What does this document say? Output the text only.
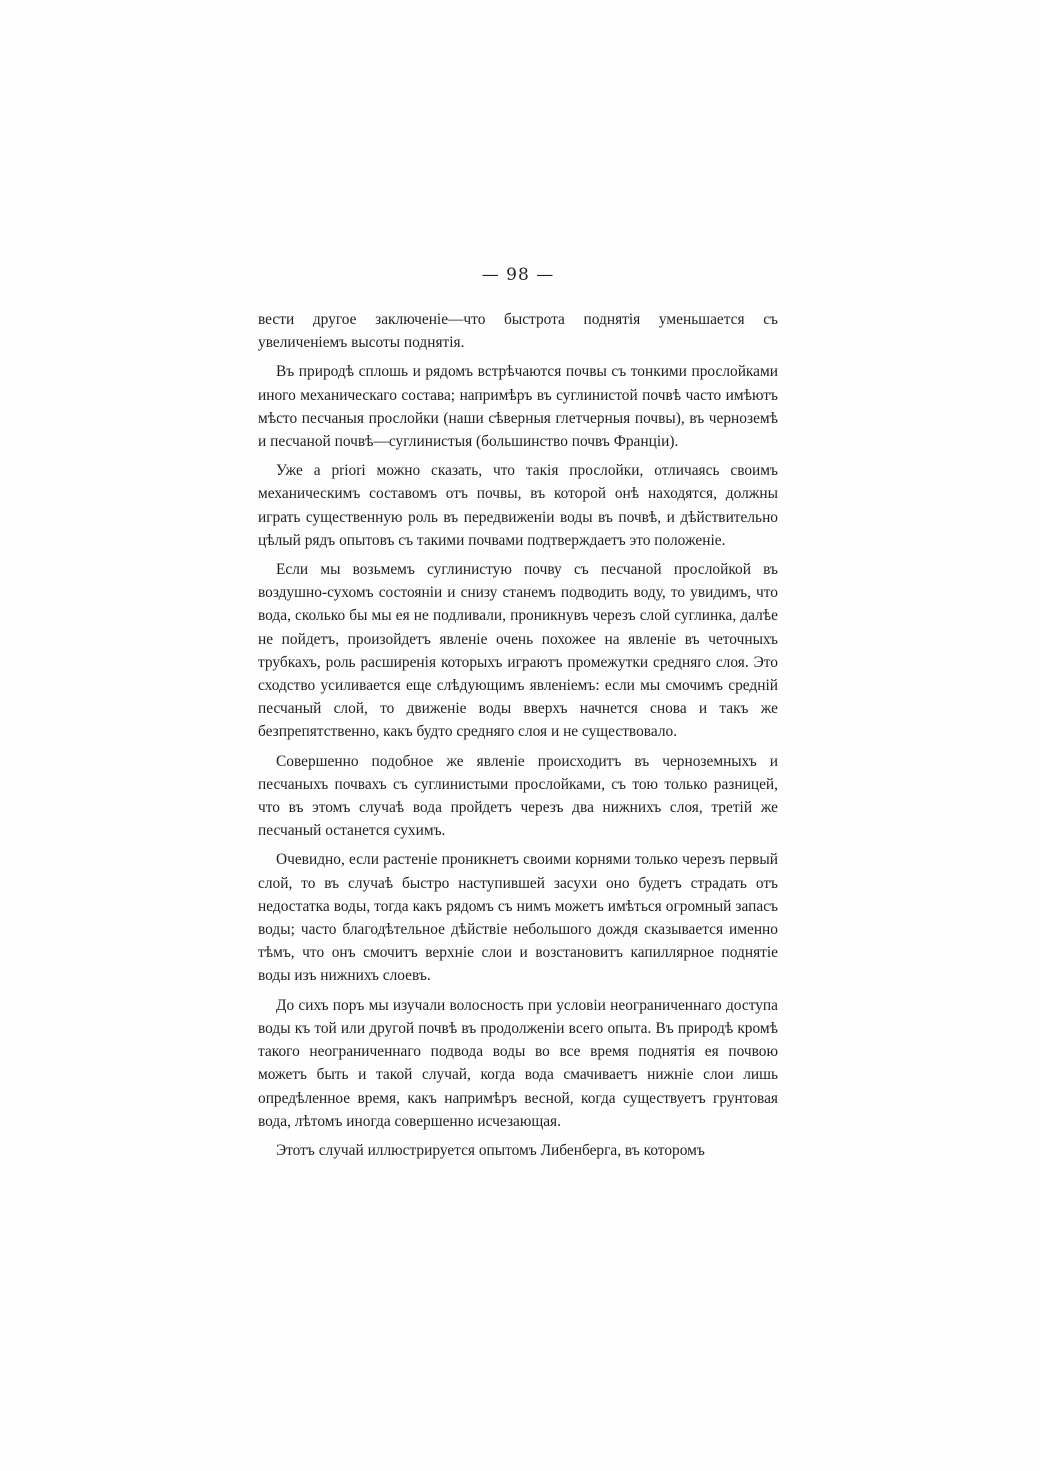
— 98 —

вести другое заключеніе—что быстрота поднятія уменьшается съ увеличеніемъ высоты поднятія.

Въ природѣ сплошь и рядомъ встрѣчаются почвы съ тонкими прослойками иного механическаго состава; напримѣръ въ суглинистой почвѣ часто имѣютъ мѣсто песчаныя прослойки (наши сѣверныя глетчерныя почвы), въ черноземѣ и песчаной почвѣ—суглинистыя (большинство почвъ Франціи).

Уже a priori можно сказать, что такія прослойки, отличаясь своимъ механическимъ составомъ отъ почвы, въ которой онѣ находятся, должны играть существенную роль въ передвиженіи воды въ почвѣ, и дѣйствительно цѣлый рядъ опытовъ съ такими почвами подтверждаетъ это положеніе.

Если мы возьмемъ суглинистую почву съ песчаной прослойкой въ воздушно-сухомъ состояніи и снизу станемъ подводить воду, то увидимъ, что вода, сколько бы мы ея не подливали, проникнувъ черезъ слой суглинка, далѣе не пойдетъ, произойдетъ явленіе очень похожее на явленіе въ четочныхъ трубкахъ, роль расширенія которыхъ играютъ промежутки средняго слоя. Это сходство усиливается еще слѣдующимъ явленіемъ: если мы смочимъ средній песчаный слой, то движеніе воды вверхъ начнется снова и такъ же безпрепятственно, какъ будто средняго слоя и не существовало.

Совершенно подобное же явленіе происходитъ въ черноземныхъ и песчаныхъ почвахъ съ суглинистыми прослойками, съ тою только разницей, что въ этомъ случаѣ вода пройдетъ черезъ два нижнихъ слоя, третій же песчаный останется сухимъ.

Очевидно, если растеніе проникнетъ своими корнями только черезъ первый слой, то въ случаѣ быстро наступившей засухи оно будетъ страдать отъ недостатка воды, тогда какъ рядомъ съ нимъ можетъ имѣться огромный запасъ воды; часто благодѣтельное дѣйствіе небольшого дождя сказывается именно тѣмъ, что онъ смочитъ верхніе слои и возстановитъ капиллярное поднятіе воды изъ нижнихъ слоевъ.

До сихъ поръ мы изучали волосность при условіи неограниченнаго доступа воды къ той или другой почвѣ въ продолженіи всего опыта. Въ природѣ кромѣ такого неограниченнаго подвода воды во все время поднятія ея почвою можетъ быть и такой случай, когда вода смачиваетъ нижніе слои лишь опредѣленное время, какъ напримѣръ весной, когда существуетъ грунтовая вода, лѣтомъ иногда совершенно исчезающая.

Этотъ случай иллюстрируется опытомъ Либенберга, въ которомъ
